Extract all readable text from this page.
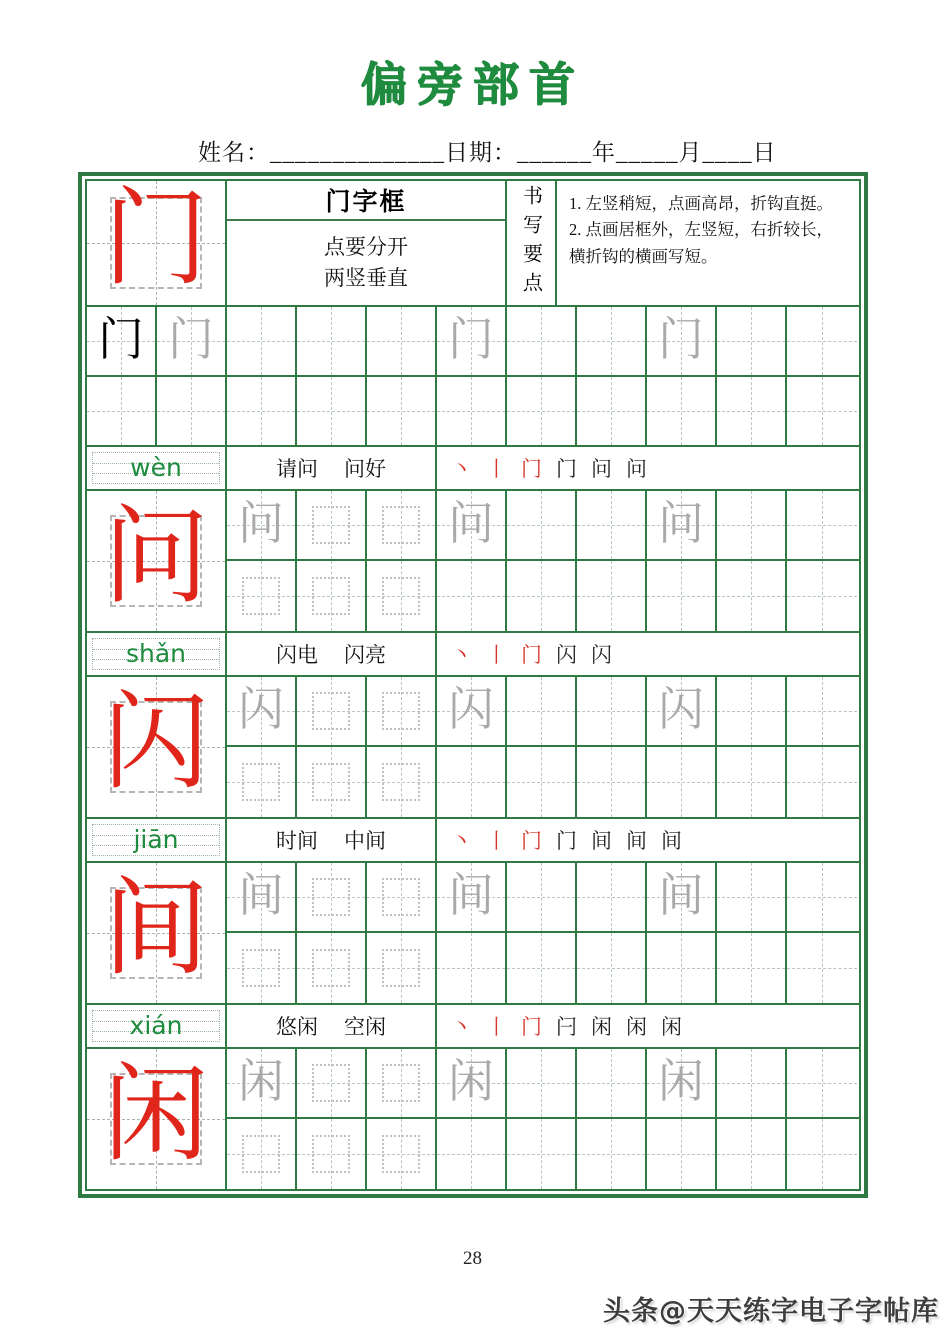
偏旁部首
姓名：______________日期：______年_____月____日
门	门字框
点要分开
两竖垂直	书写要点 1. 左竖稍短，点画高昂，折钩直挺。
2. 点画居框外，左竖短，右折较长，横折钩的横画写短。
门 门	门	门
wèn	请问 问好	丶 丨 门 门 问 问
问 问	问	问
shǎn	闪电 闪亮	丶 丨 门 闪 闪
闪 闪	闪	闪
jiān	时间 中间	丶 丨 门 门 间 间 间
间 间	间	间
xián	悠闲 空闲	丶 丨 门 闩 闲 闲 闲
闲 闲	闲	闲
28
头条@天天练字电子字帖库
